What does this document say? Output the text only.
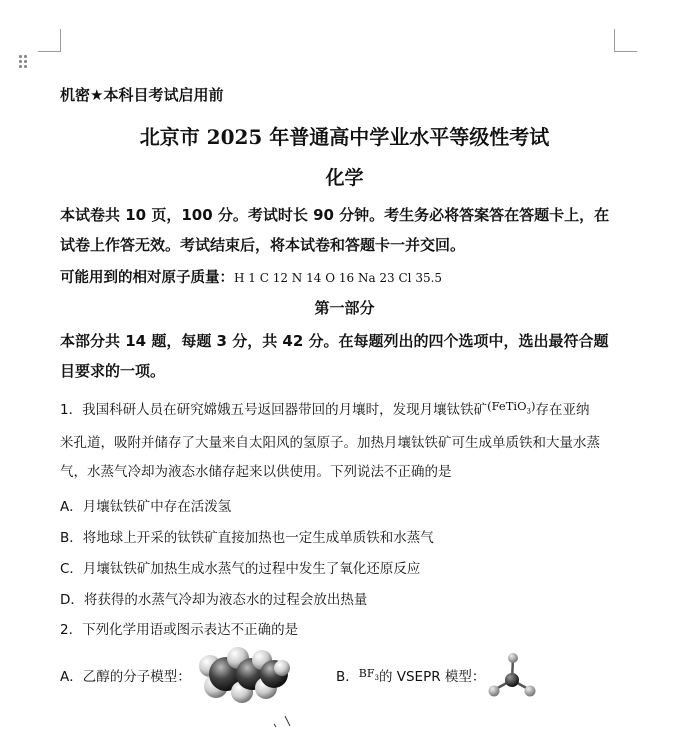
机密★本科目考试启用前
北京市 2025 年普通高中学业水平等级性考试
化学
本试卷共 10 页，100 分。考试时长 90 分钟。考生务必将答案答在答题卡上，在试卷上作答无效。考试结束后，将本试卷和答题卡一并交回。
可能用到的相对原子质量：H 1 C 12 N 14 O 16 Na 23 Cl 35.5
第一部分
本部分共 14 题，每题 3 分，共 42 分。在每题列出的四个选项中，选出最符合题目要求的一项。
1．我国科研人员在研究嫦娥五号返回器带回的月壤时，发现月壤钛铁矿(FeTiO$_3$)存在亚纳
米孔道，吸附并储存了大量来自太阳风的氢原子。加热月壤钛铁矿可生成单质铁和大量水蒸
气，水蒸气冷却为液态水储存起来以供使用。下列说法不正确的是
A．月壤钛铁矿中存在活泼氢
B．将地球上开采的钛铁矿直接加热也一定生成单质铁和水蒸气
C．月壤钛铁矿加热生成水蒸气的过程中发生了氧化还原反应
D．将获得的水蒸气冷却为液态水的过程会放出热量
2．下列化学用语或图示表达不正确的是
A．乙醇的分子模型：	B．$^{BF_3}$的 VSEPR 模型：
